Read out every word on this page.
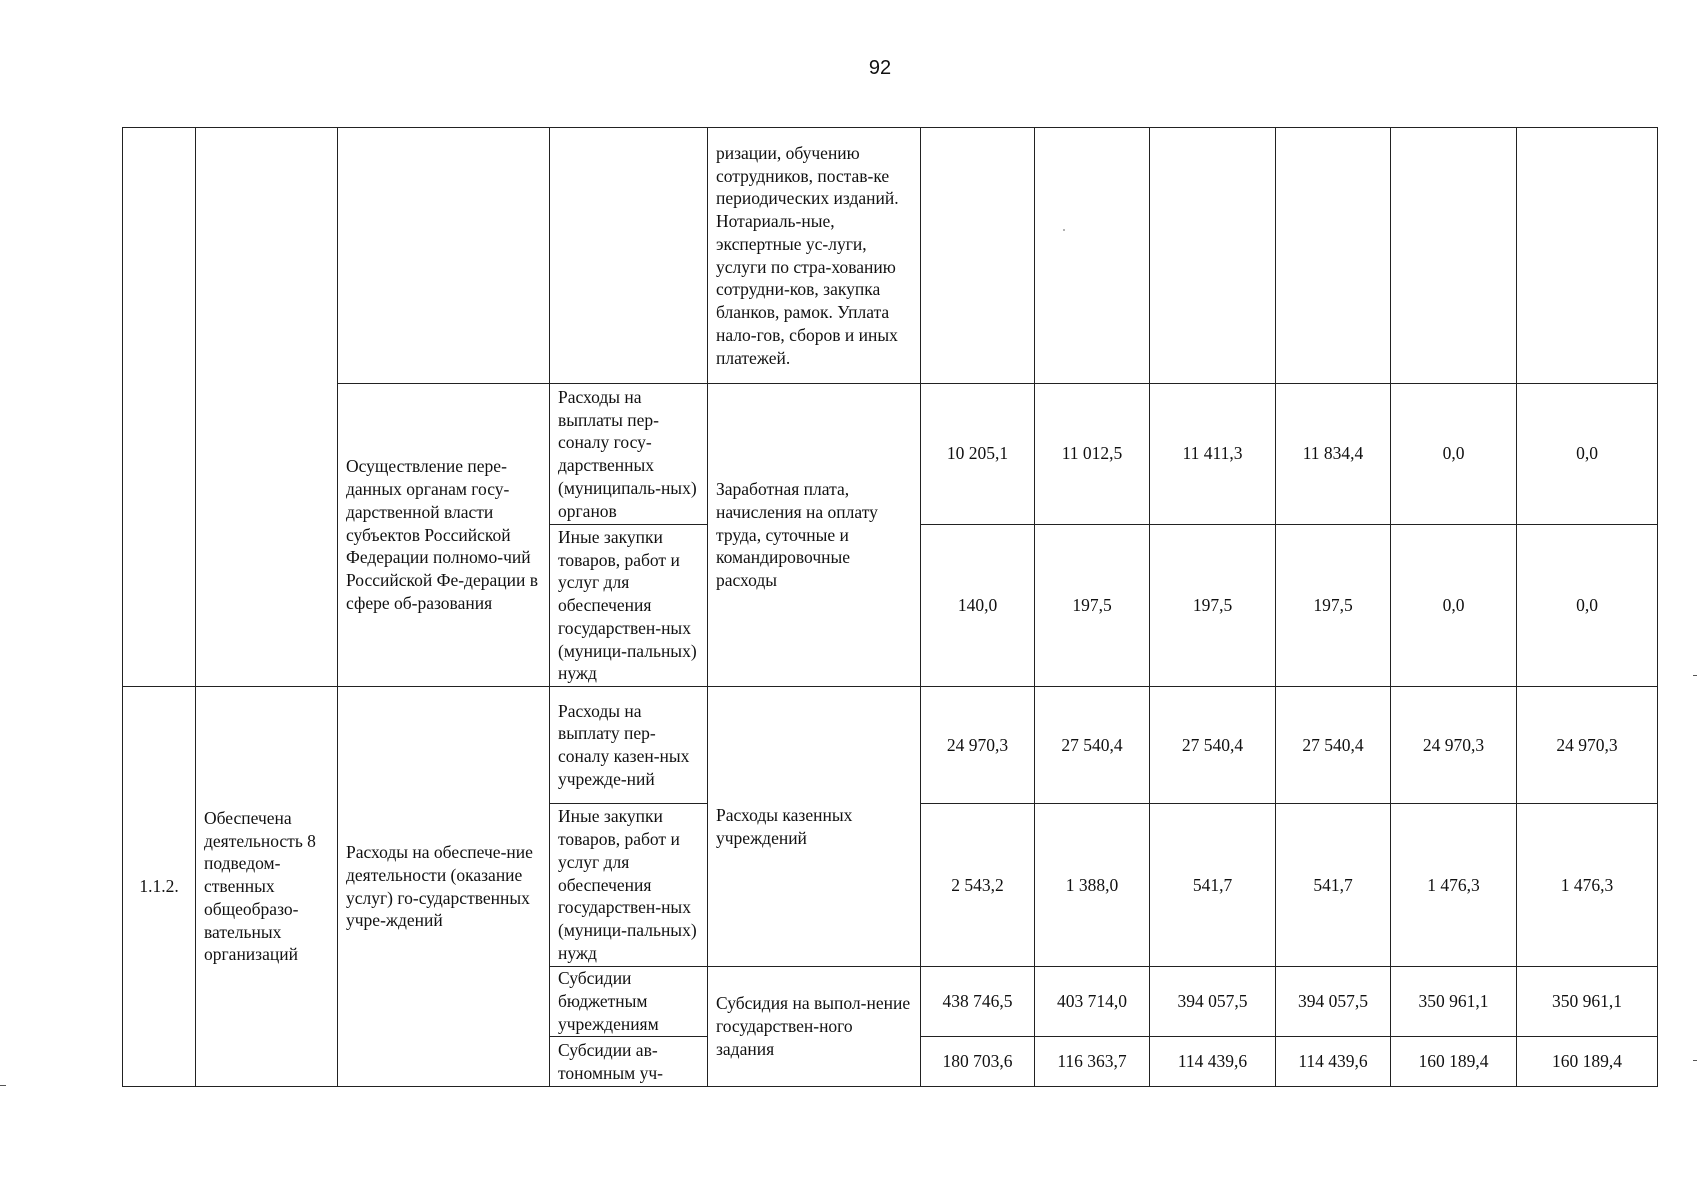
92
				ризации, обучению сотрудников, постав-ке периодических изданий. Нотариаль-ные, экспертные ус-луги, услуги по стра-хованию сотрудни-ков, закупка бланков, рамок. Уплата нало-гов, сборов и иных платежей.						
		Осуществление пере-данных органам госу-дарственной власти субъектов Российской Федерации полномо-чий Российской Фе-дерации в сфере об-разования	Расходы на выплаты пер-соналу госу-дарственных (муниципаль-ных) органов	Заработная плата, начисления на оплату труда, суточные и командировочные расходы	10 205,1	11 012,5	11 411,3	11 834,4	0,0	0,0
			Иные закупки товаров, работ и услуг для обеспечения государствен-ных (муници-пальных) нужд		140,0	197,5	197,5	197,5	0,0	0,0
1.1.2.	Обеспечена деятельность 8 подведом-ственных общеобразо-вательных организаций	Расходы на обеспече-ние деятельности (оказание услуг) го-сударственных учре-ждений	Расходы на выплату пер-соналу казен-ных учрежде-ний	Расходы казенных учреждений	24 970,3	27 540,4	27 540,4	27 540,4	24 970,3	24 970,3
			Иные закупки товаров, работ и услуг для обеспечения государствен-ных (муници-пальных) нужд		2 543,2	1 388,0	541,7	541,7	1 476,3	1 476,3
			Субсидии бюджетным учреждениям	Субсидия на выпол-нение государствен-ного задания	438 746,5	403 714,0	394 057,5	394 057,5	350 961,1	350 961,1
			Субсидии ав-тономным уч-		180 703,6	116 363,7	114 439,6	114 439,6	160 189,4	160 189,4
